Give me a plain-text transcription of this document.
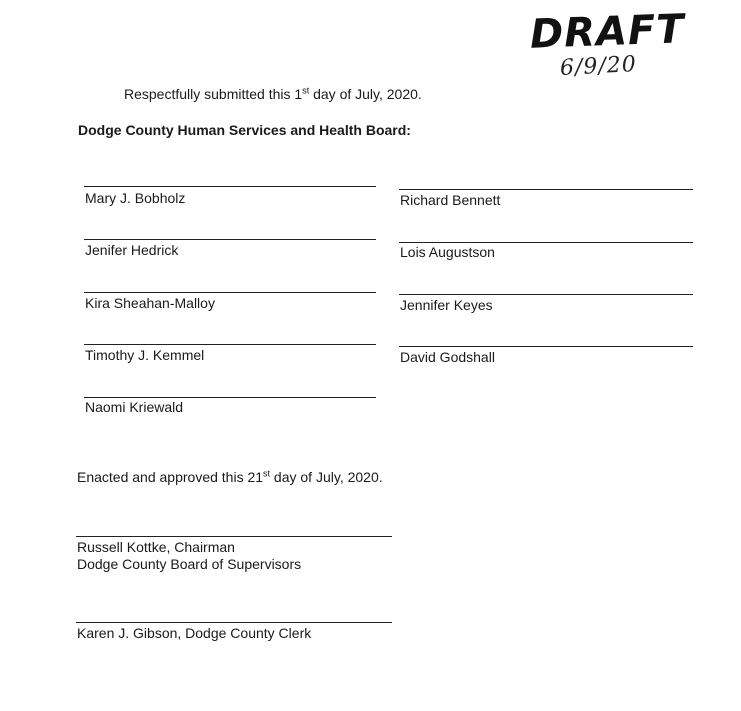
DRAFT
6/9/20
Respectfully submitted this 1st day of July, 2020.
Dodge County Human Services and Health Board:
Mary J. Bobholz
Jenifer Hedrick
Kira Sheahan-Malloy
Timothy J. Kemmel
Naomi Kriewald
Richard Bennett
Lois Augustson
Jennifer Keyes
David Godshall
Enacted and approved this 21st day of July, 2020.
Russell Kottke, Chairman
Dodge County Board of Supervisors
Karen J. Gibson, Dodge County Clerk
